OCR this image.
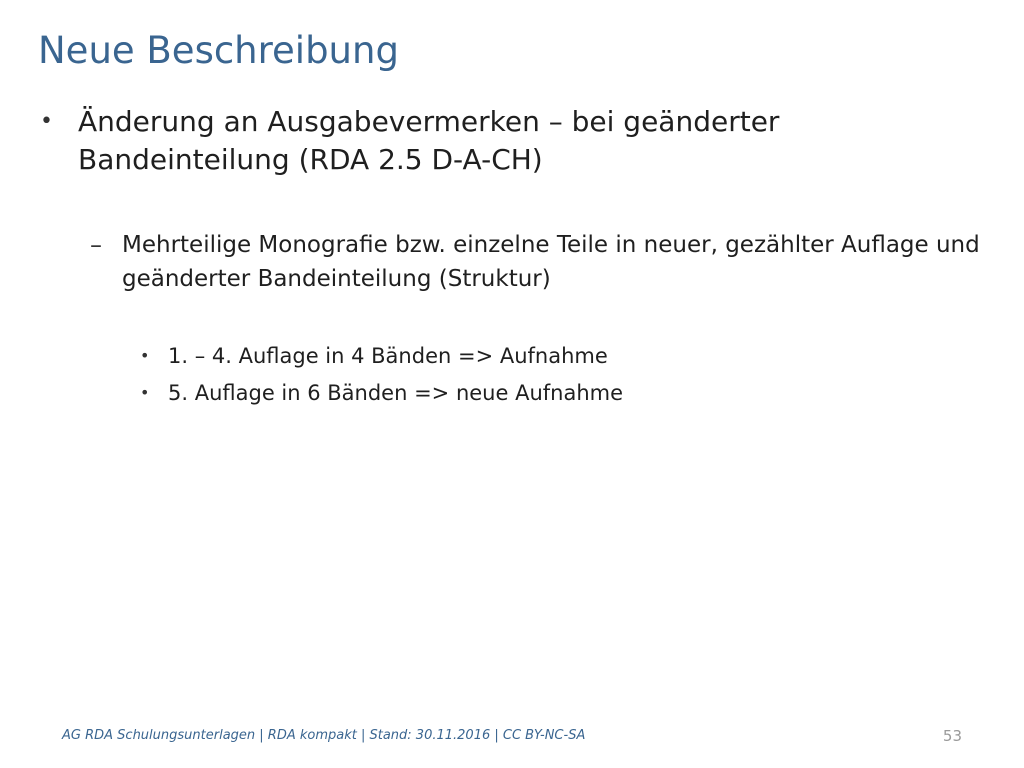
Neue Beschreibung
• Änderung an Ausgabevermerken – bei geänderter Bandeinteilung (RDA 2.5 D-A-CH)
– Mehrteilige Monografie bzw. einzelne Teile in neuer, gezählter Auflage und geänderter Bandeinteilung (Struktur)
• 1. – 4. Auflage in 4 Bänden => Aufnahme
• 5. Auflage in 6 Bänden => neue Aufnahme
AG RDA Schulungsunterlagen | RDA kompakt | Stand: 30.11.2016 | CC BY-NC-SA	53
